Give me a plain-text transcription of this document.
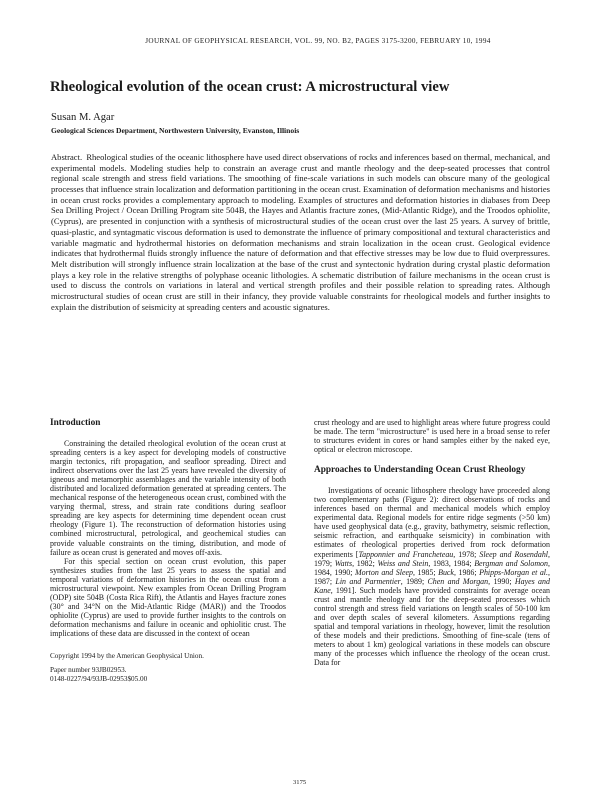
JOURNAL OF GEOPHYSICAL RESEARCH, VOL. 99, NO. B2, PAGES 3175-3200, FEBRUARY 10, 1994
Rheological evolution of the ocean crust: A microstructural view
Susan M. Agar
Geological Sciences Department, Northwestern University, Evanston, Illinois
Abstract. Rheological studies of the oceanic lithosphere have used direct observations of rocks and inferences based on thermal, mechanical, and experimental models. Modeling studies help to constrain an average crust and mantle rheology and the deep-seated processes that control regional scale strength and stress field variations. The smoothing of fine-scale variations in such models can obscure many of the geological processes that influence strain localization and deformation partitioning in the ocean crust. Examination of deformation mechanisms and histories in ocean crust rocks provides a complementary approach to modeling. Examples of structures and deformation histories in diabases from Deep Sea Drilling Project / Ocean Drilling Program site 504B, the Hayes and Atlantis fracture zones, (Mid-Atlantic Ridge), and the Troodos ophiolite, (Cyprus), are presented in conjunction with a synthesis of microstructural studies of the ocean crust over the last 25 years. A survey of brittle, quasi-plastic, and syntagmatic viscous deformation is used to demonstrate the influence of primary compositional and textural characteristics and variable magmatic and hydrothermal histories on deformation mechanisms and strain localization in the ocean crust. Geological evidence indicates that hydrothermal fluids strongly influence the nature of deformation and that effective stresses may be low due to fluid overpressures. Melt distribution will strongly influence strain localization at the base of the crust and syntectonic hydration during crystal plastic deformation plays a key role in the relative strengths of polyphase oceanic lithologies. A schematic distribution of failure mechanisms in the ocean crust is used to discuss the controls on variations in lateral and vertical strength profiles and their possible relation to spreading rates. Although microstructural studies of ocean crust are still in their infancy, they provide valuable constraints for rheological models and further insights to explain the distribution of seismicity at spreading centers and acoustic signatures.
Introduction

Constraining the detailed rheological evolution of the ocean crust at spreading centers is a key aspect for developing models of constructive margin tectonics, rift propagation, and seafloor spreading. Direct and indirect observations over the last 25 years have revealed the diversity of igneous and metamorphic assemblages and the variable intensity of both distributed and localized deformation generated at spreading centers. The mechanical response of the heterogeneous ocean crust, combined with the varying thermal, stress, and strain rate conditions during seafloor spreading are key aspects for determining time dependent ocean crust rheology (Figure 1). The reconstruction of deformation histories using combined microstructural, petrological, and geochemical studies can provide valuable constraints on the timing, distribution, and mode of failure as ocean crust is generated and moves off-axis.

For this special section on ocean crust evolution, this paper synthesizes studies from the last 25 years to assess the spatial and temporal variations of deformation histories in the ocean crust from a microstructural viewpoint. New examples from Ocean Drilling Program (ODP) site 504B (Costa Rica Rift), the Atlantis and Hayes fracture zones (30° and 34°N on the Mid-Atlantic Ridge (MAR)) and the Troodos ophiolite (Cyprus) are used to provide further insights to the controls on deformation mechanisms and failure in oceanic and ophiolitic crust. The implications of these data are discussed in the context of ocean

Copyright 1994 by the American Geophysical Union.
Paper number 93JB02953.
0148-0227/94/93JB-02953$05.00

crust rheology and are used to highlight areas where future progress could be made. The term "microstructure" is used here in a broad sense to refer to structures evident in cores or hand samples either by the naked eye, optical or electron microscope.

Approaches to Understanding Ocean Crust Rheology

Investigations of oceanic lithosphere rheology have proceeded along two complementary paths (Figure 2): direct observations of rocks and inferences based on thermal and mechanical models which employ experimental data. Regional models for entire ridge segments (>50 km) have used geophysical data (e.g., gravity, bathymetry, seismic reflection, seismic refraction, and earthquake seismicity) in combination with estimates of rheological properties derived from rock deformation experiments [Tapponnier and Francheteau, 1978; Sleep and Rosendahl, 1979; Watts, 1982; Weiss and Stein, 1983, 1984; Bergman and Solomon, 1984, 1990; Morton and Sleep, 1985; Buck, 1986; Phipps-Morgan et al., 1987; Lin and Parmentier, 1989; Chen and Morgan, 1990; Hayes and Kane, 1991]. Such models have provided constraints for average ocean crust and mantle rheology and for the deep-seated processes which control strength and stress field variations on length scales of 50-100 km and over depth scales of several kilometers. Assumptions regarding spatial and temporal variations in rheology, however, limit the resolution of these models and their predictions. Smoothing of fine-scale (tens of meters to about 1 km) geological variations in these models can obscure many of the processes which influence the rheology of the ocean crust. Data for

3175
